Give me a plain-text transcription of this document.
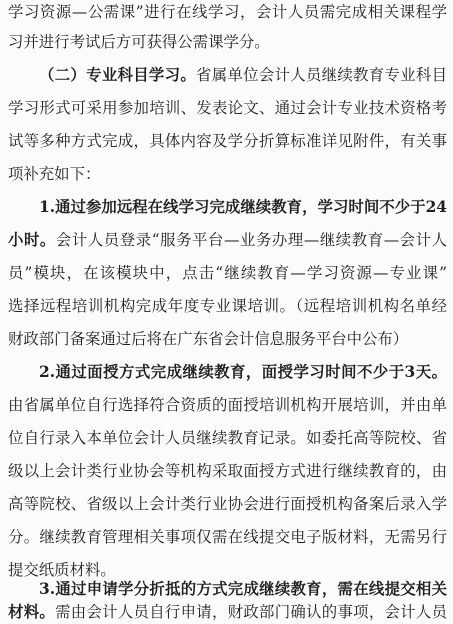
学习资源—公需课”进行在线学习，会计人员需完成相关课程学
习并进行考试后方可获得公需课学分。
（二）专业科目学习。省属单位会计人员继续教育专业科目
学习形式可采用参加培训、发表论文、通过会计专业技术资格考
试等多种方式完成，具体内容及学分折算标准详见附件，有关事
项补充如下：
1.通过参加远程在线学习完成继续教育，学习时间不少于24
小时。会计人员登录“服务平台—业务办理—继续教育—会计人
员”模块，在该模块中，点击“继续教育—学习资源—专业课”
选择远程培训机构完成年度专业课培训。（远程培训机构名单经
财政部门备案通过后将在广东省会计信息服务平台中公布）
2.通过面授方式完成继续教育，面授学习时间不少于3天。
由省属单位自行选择符合资质的面授培训机构开展培训，并由单
位自行录入本单位会计人员继续教育记录。如委托高等院校、省
级以上会计类行业协会等机构采取面授方式进行继续教育的，由
高等院校、省级以上会计类行业协会进行面授机构备案后录入学
分。继续教育管理相关事项仅需在线提交电子版材料，无需另行
提交纸质材料。
3.通过申请学分折抵的方式完成继续教育，需在线提交相关
材料。需由会计人员自行申请，财政部门确认的事项，会计人员
